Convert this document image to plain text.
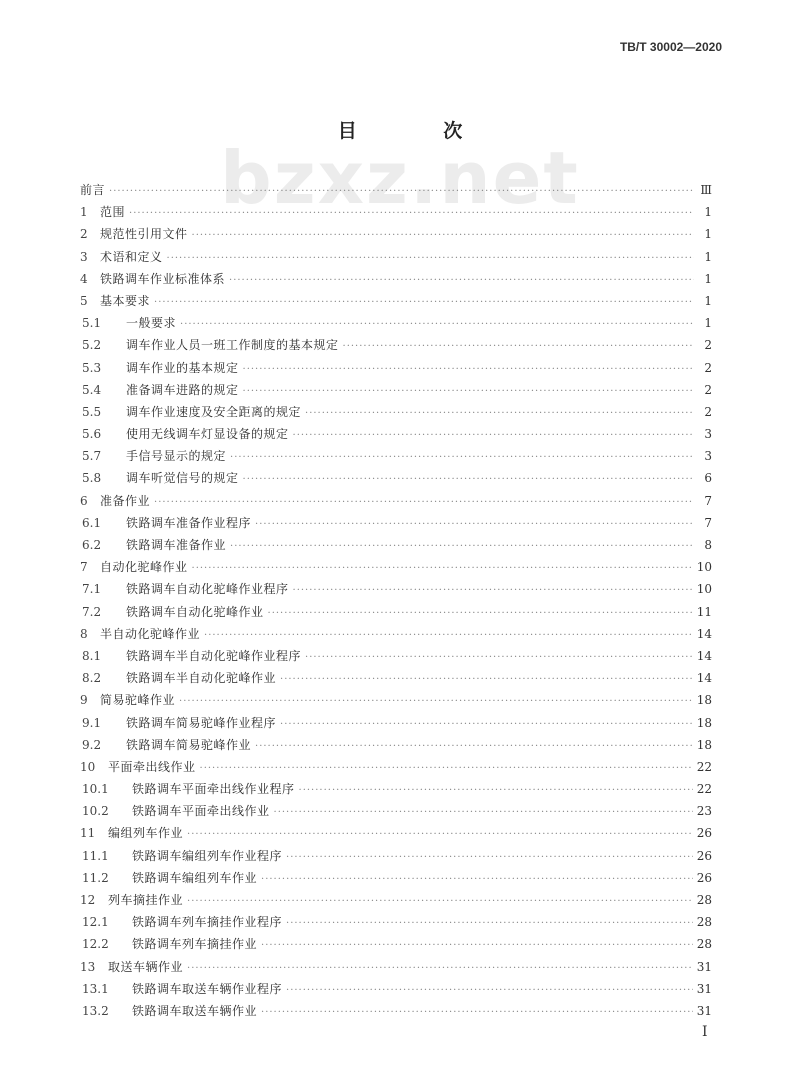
bzxz.net
TB/T 30002—2020
目 次
前言 ·····	Ⅲ
1	范围 ·····	1
2	规范性引用文件 ·····	1
3	术语和定义 ·····	1
4	铁路调车作业标准体系 ·····	1
5	基本要求 ·····	1
5.1	一般要求 ·····	1
5.2	调车作业人员一班工作制度的基本规定 ·····	2
5.3	调车作业的基本规定 ·····	2
5.4	准备调车进路的规定 ·····	2
5.5	调车作业速度及安全距离的规定 ·····	2
5.6	使用无线调车灯显设备的规定 ·····	3
5.7	手信号显示的规定 ·····	3
5.8	调车听觉信号的规定 ·····	6
6	准备作业 ·····	7
6.1	铁路调车准备作业程序 ·····	7
6.2	铁路调车准备作业 ·····	8
7	自动化驼峰作业 ·····	10
7.1	铁路调车自动化驼峰作业程序 ·····	10
7.2	铁路调车自动化驼峰作业 ·····	11
8	半自动化驼峰作业 ·····	14
8.1	铁路调车半自动化驼峰作业程序 ·····	14
8.2	铁路调车半自动化驼峰作业 ·····	14
9	简易驼峰作业 ·····	18
9.1	铁路调车简易驼峰作业程序 ·····	18
9.2	铁路调车简易驼峰作业 ·····	18
10	平面牵出线作业 ·····	22
10.1	铁路调车平面牵出线作业程序 ·····	22
10.2	铁路调车平面牵出线作业 ·····	23
11	编组列车作业 ·····	26
11.1	铁路调车编组列车作业程序 ·····	26
11.2	铁路调车编组列车作业 ·····	26
12	列车摘挂作业 ·····	28
12.1	铁路调车列车摘挂作业程序 ·····	28
12.2	铁路调车列车摘挂作业 ·····	28
13	取送车辆作业 ·····	31
13.1	铁路调车取送车辆作业程序 ·····	31
13.2	铁路调车取送车辆作业 ·····	31
Ⅰ
